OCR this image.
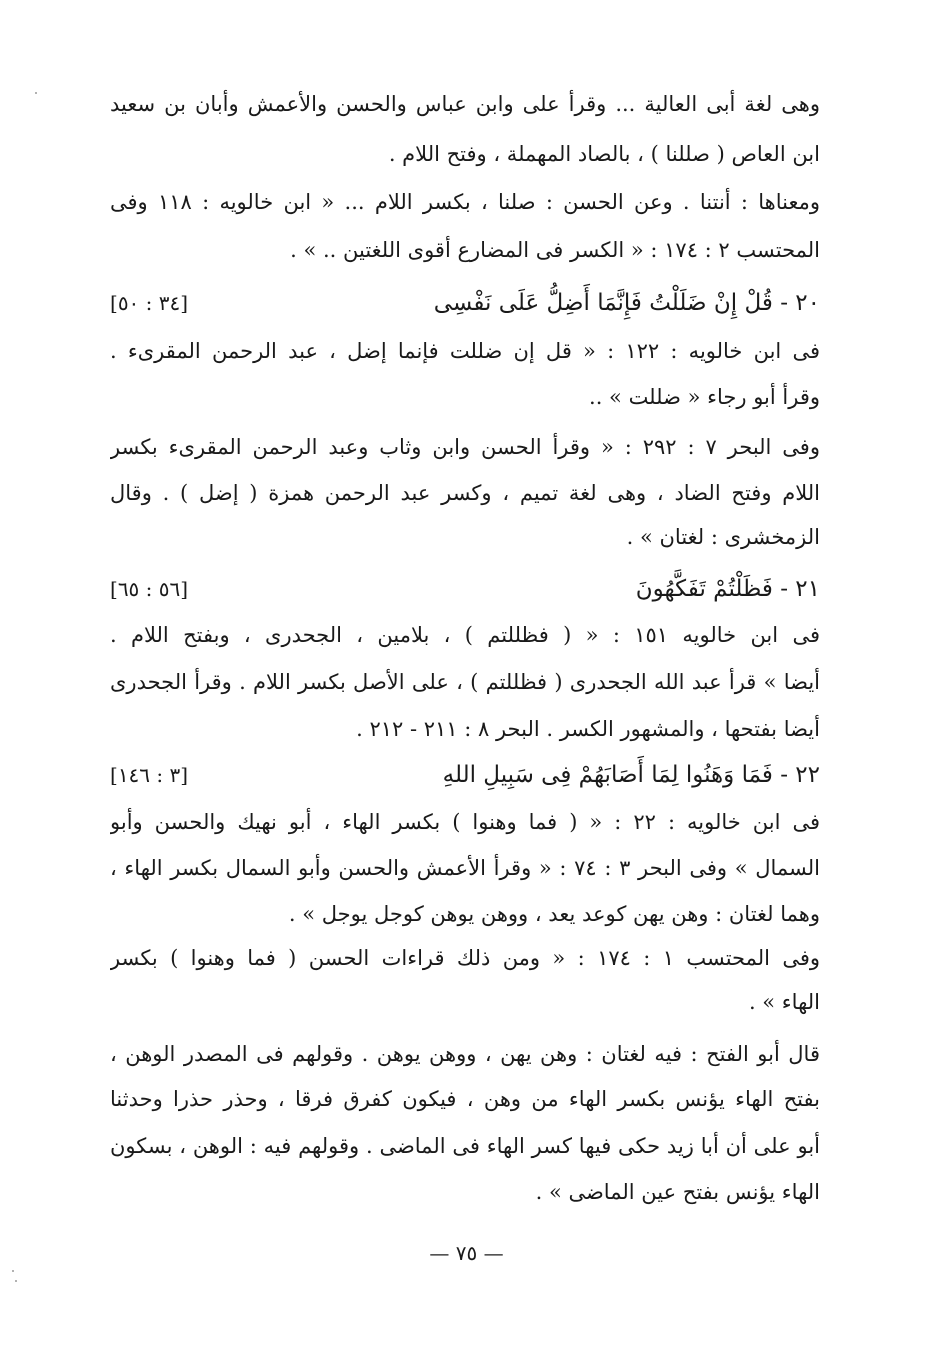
وهى لغة أبى العالية ... وقرأ على وابن عباس والحسن والأعمش وأبان بن سعيد
ابن العاص ( صللنا ) ، بالصاد المهملة ، وفتح اللام .
ومعناها : أنتنا . وعن الحسن : صلنا ، بكسر اللام ... « ابن خالويه : ١١٨ وفى
المحتسب ٢ : ١٧٤ : « الكسر فى المضارع أقوى اللغتين .. » .
٢٠ - قُلْ إِنْ ضَلَلْتُ فَإِنَّمَا أَضِلُّ عَلَى نَفْسِى
[٣٤ : ٥٠]
فى ابن خالويه : ١٢٢ : « قل إن ضللت فإنما إضل ، عبد الرحمن المقرىء .
وقرأ أبو رجاء « ضللت » ..
وفى البحر ٧ : ٢٩٢ : « وقرأ الحسن وابن وثاب وعبد الرحمن المقرىء بكسر
اللام وفتح الضاد ، وهى لغة تميم ، وكسر عبد الرحمن همزة ( إضل ) . وقال
الزمخشرى : لغتان » .
٢١ - فَظَلْتُمْ تَفَكَّهُونَ
[٥٦ : ٦٥]
فى ابن خالويه ١٥١ : « ( فظللتم ) ، بلامين ، الجحدرى ، وبفتح اللام .
أيضا » قرأ عبد الله الجحدرى ( فظللتم ) ، على الأصل بكسر اللام . وقرأ الجحدرى
أيضا بفتحها ، والمشهور الكسر . البحر ٨ : ٢١١ - ٢١٢ .
٢٢ - فَمَا وَهَنُوا لِمَا أَصَابَهُمْ فِى سَبِيلِ اللهِ
[٣ : ١٤٦]
فى ابن خالويه : ٢٢ : « ( فما وهنوا ) بكسر الهاء ، أبو نهيك والحسن وأبو
السمال » وفى البحر ٣ : ٧٤ : « وقرأ الأعمش والحسن وأبو السمال بكسر الهاء ،
وهما لغتان : وهن يهن كوعد يعد ، ووهن يوهن كوجل يوجل » .
وفى المحتسب ١ : ١٧٤ : « ومن ذلك قراءات الحسن ( فما وهنوا ) بكسر
الهاء » .
قال أبو الفتح : فيه لغتان : وهن يهن ، ووهن يوهن . وقولهم فى المصدر الوهن ،
بفتح الهاء يؤنس بكسر الهاء من وهن ، فيكون كفرق فرقا ، وحذر حذرا وحدثنا
أبو على أن أبا زيد حكى فيها كسر الهاء فى الماضى . وقولهم فيه : الوهن ، بسكون
الهاء يؤنس بفتح عين الماضى » .
— ٧٥ —
